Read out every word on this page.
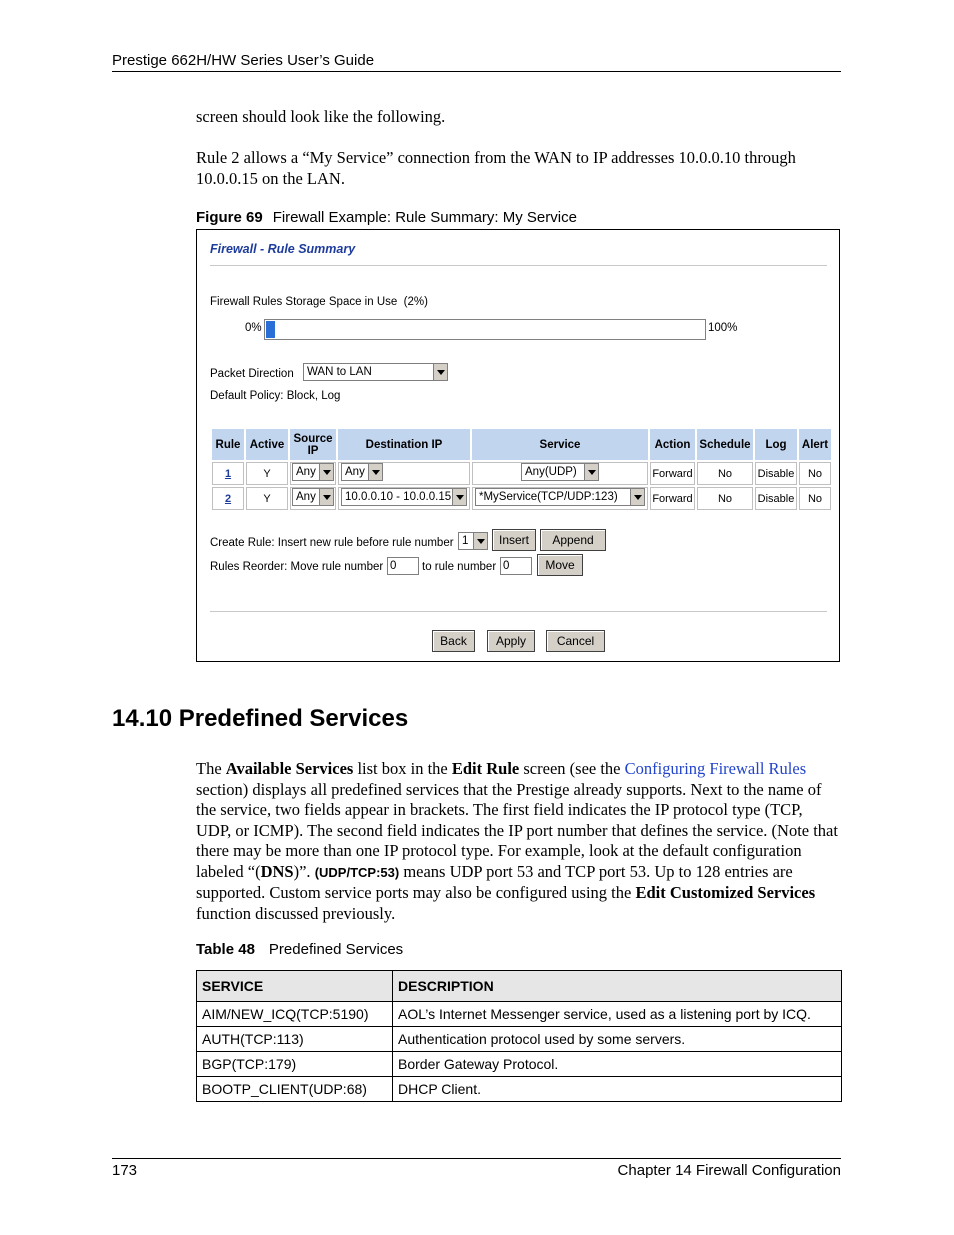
Prestige 662H/HW Series User’s Guide
screen should look like the following.
Rule 2 allows a “My Service” connection from the WAN to IP addresses 10.0.0.10 through 10.0.0.15 on the LAN.
Figure 69 Firewall Example: Rule Summary: My Service
Firewall - Rule Summary
Firewall Rules Storage Space in Use (2%)
0%	100%
Packet Direction	WAN to LAN
Default Policy: Block, Log
Rule	Active	Source IP	Destination IP	Service	Action	Schedule	Log	Alert
1	Y	Any	Any	Any(UDP)	Forward	No	Disable	No
2	Y	Any	10.0.0.10 - 10.0.0.15	*MyService(TCP/UDP:123)	Forward	No	Disable	No
Create Rule: Insert new rule before rule number 1	Insert	Append
Rules Reorder: Move rule number 0	to rule number 0	Move
Back	Apply	Cancel
14.10 Predefined Services
The Available Services list box in the Edit Rule screen (see the Configuring Firewall Rules section) displays all predefined services that the Prestige already supports. Next to the name of the service, two fields appear in brackets. The first field indicates the IP protocol type (TCP, UDP, or ICMP). The second field indicates the IP port number that defines the service. (Note that there may be more than one IP protocol type. For example, look at the default configuration labeled “(DNS)”. (UDP/TCP:53) means UDP port 53 and TCP port 53. Up to 128 entries are supported. Custom service ports may also be configured using the Edit Customized Services function discussed previously.
Table 48 Predefined Services
SERVICE	DESCRIPTION
AIM/NEW_ICQ(TCP:5190)	AOL’s Internet Messenger service, used as a listening port by ICQ.
AUTH(TCP:113)	Authentication protocol used by some servers.
BGP(TCP:179)	Border Gateway Protocol.
BOOTP_CLIENT(UDP:68)	DHCP Client.
173	Chapter 14 Firewall Configuration
